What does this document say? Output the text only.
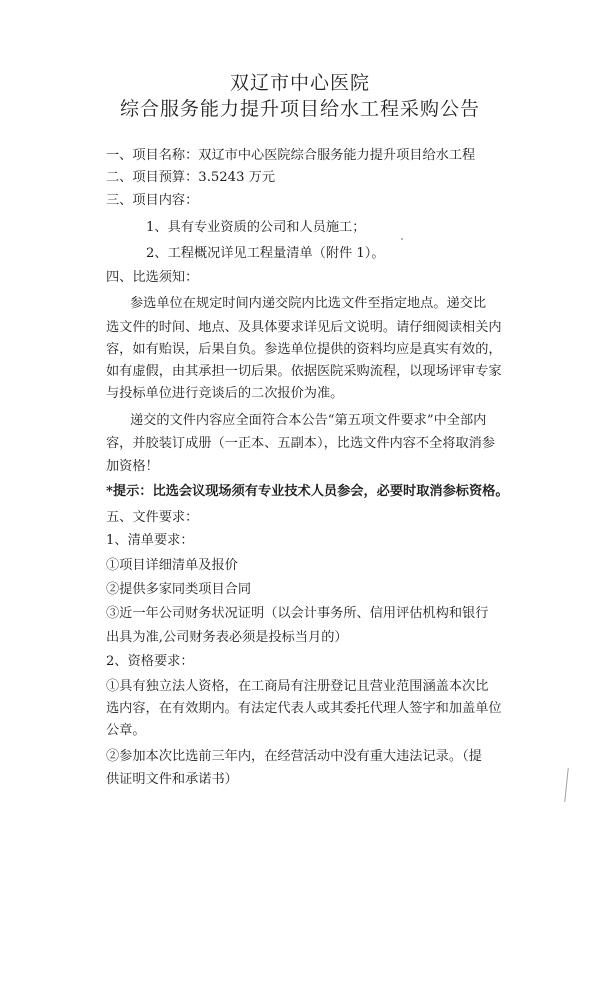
双辽市中心医院
综合服务能力提升项目给水工程采购公告
一、项目名称：双辽市中心医院综合服务能力提升项目给水工程
二、项目预算：3.5243 万元
三、项目内容：
1、具有专业资质的公司和人员施工；
2、工程概况详见工程量清单（附件 1）。
四、比选须知：
参选单位在规定时间内递交院内比选文件至指定地点。递交比
选文件的时间、地点、及具体要求详见后文说明。请仔细阅读相关内
容，如有贻误，后果自负。参选单位提供的资料均应是真实有效的，
如有虚假，由其承担一切后果。依据医院采购流程，以现场评审专家
与投标单位进行竞谈后的二次报价为准。
递交的文件内容应全面符合本公告“第五项文件要求”中全部内
容，并胶装订成册（一正本、五副本），比选文件内容不全将取消参
加资格！
*提示：比选会议现场须有专业技术人员参会，必要时取消参标资格。
五、文件要求：
1、清单要求：
①项目详细清单及报价
②提供多家同类项目合同
③近一年公司财务状况证明（以会计事务所、信用评估机构和银行
出具为准,公司财务表必须是投标当月的）
2、资格要求：
①具有独立法人资格，在工商局有注册登记且营业范围涵盖本次比
选内容，在有效期内。有法定代表人或其委托代理人签字和加盖单位
公章。
②参加本次比选前三年内，在经营活动中没有重大违法记录。（提
供证明文件和承诺书）
